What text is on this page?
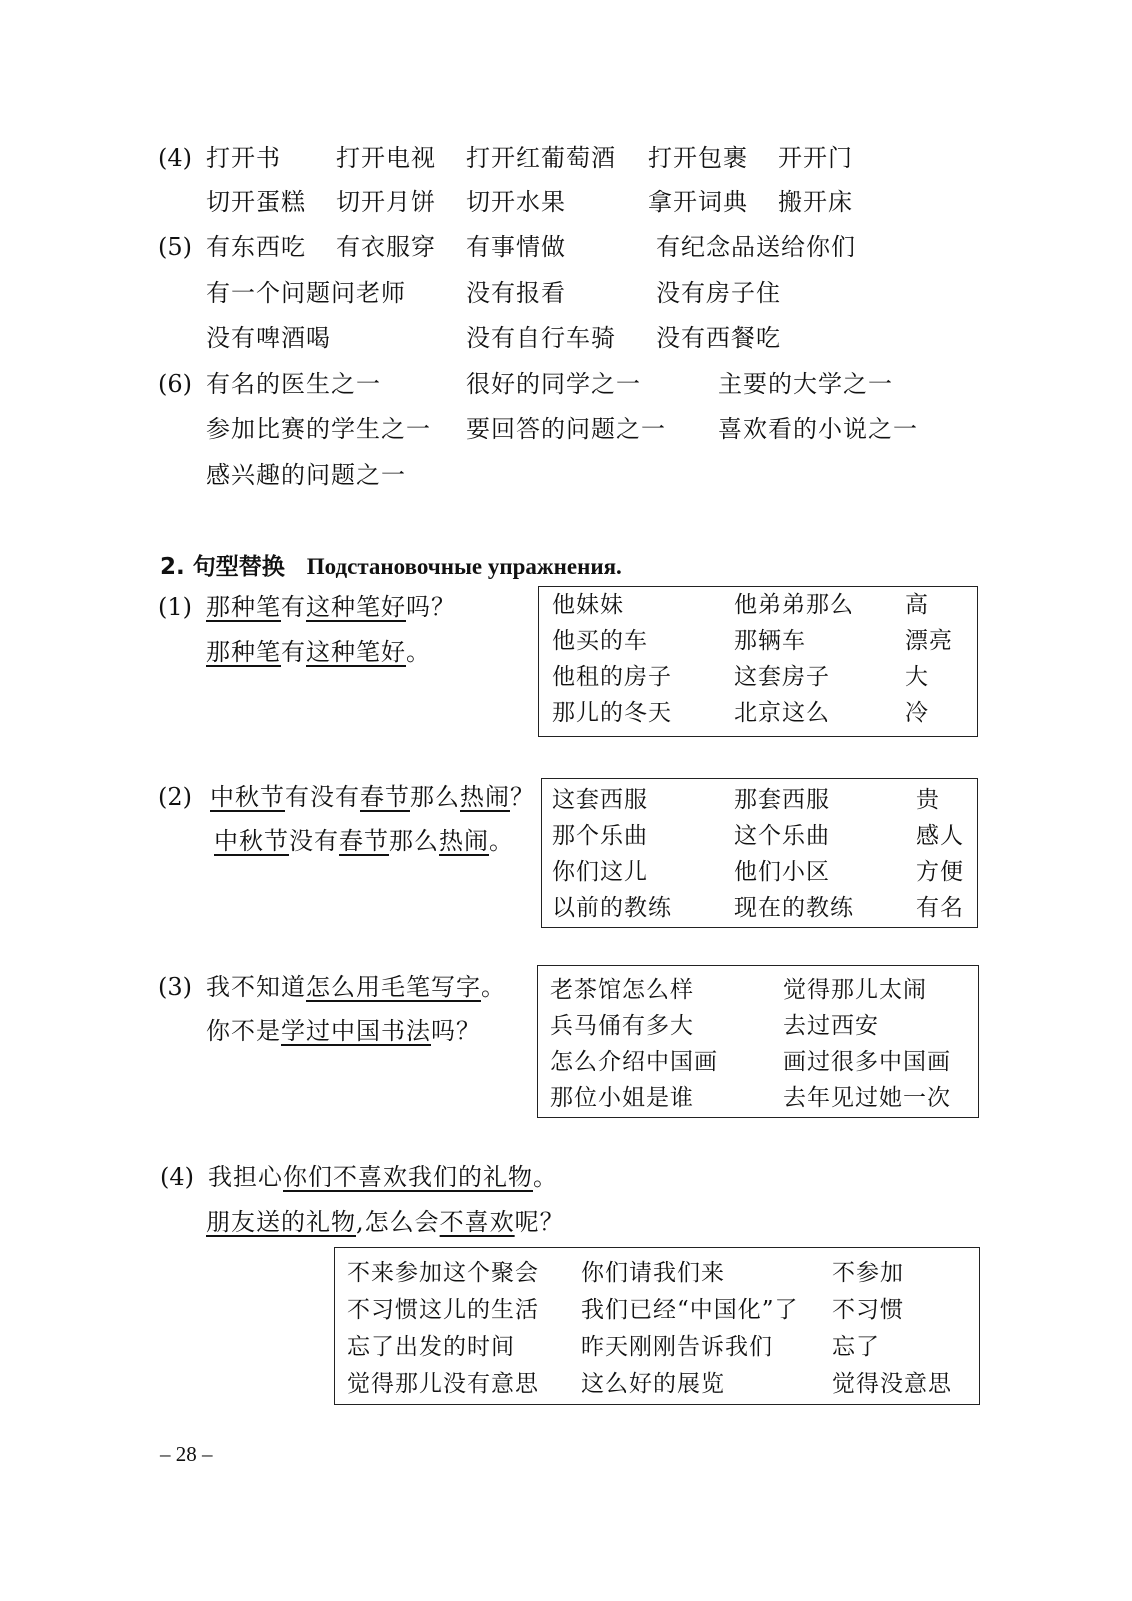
(4) 打开书 打开电视 打开红葡萄酒 打开包裹 开开门
切开蛋糕 切开月饼 切开水果	拿开词典 搬开床
(5) 有东西吃 有衣服穿 有事情做	有纪念品送给你们
有一个问题问老师	没有报看	没有房子住
没有啤酒喝	没有自行车骑 没有西餐吃
(6) 有名的医生之一	很好的同学之一	主要的大学之一
参加比赛的学生之一 要回答的问题之一 喜欢看的小说之一
感兴趣的问题之一
2. 句型替换 Подстановочные упражнения.
(1) 那种笔有这种笔好吗？
那种笔有这种笔好。
他妹妹	他弟弟那么 高
他买的车	那辆车	漂亮
他租的房子	这套房子	大
那儿的冬天	北京这么	冷
(2) 中秋节有没有春节那么热闹？
中秋节没有春节那么热闹。
这套西服	那套西服	贵
那个乐曲	这个乐曲	感人
你们这儿	他们小区	方便
以前的教练	现在的教练	有名
(3) 我不知道怎么用毛笔写字。
你不是学过中国书法吗？
老茶馆怎么样	觉得那儿太闹
兵马俑有多大	去过西安
怎么介绍中国画	画过很多中国画
那位小姐是谁	去年见过她一次
(4) 我担心你们不喜欢我们的礼物。
朋友送的礼物,怎么会不喜欢呢？
不来参加这个聚会 你们请我们来	不参加
不习惯这儿的生活 我们已经“中国化”了 不习惯
忘了出发的时间	昨天刚刚告诉我们	忘了
觉得那儿没有意思 这么好的展览	觉得没意思
– 28 –
